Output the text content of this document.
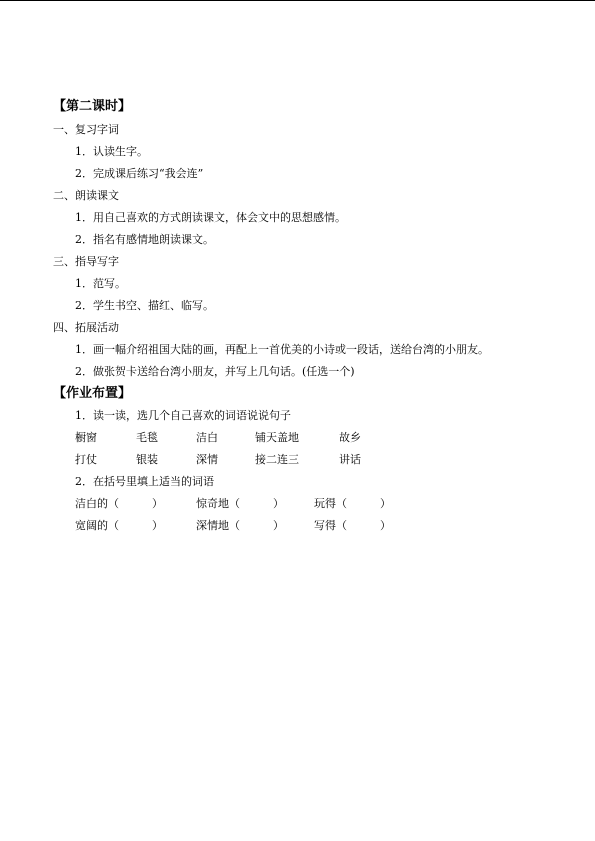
【第二课时】
一、复习字词
1．认读生字。
2．完成课后练习“我会连”
二、朗读课文
1．用自己喜欢的方式朗读课文，体会文中的思想感情。
2．指名有感情地朗读课文。
三、指导写字
1．范写。
2．学生书空、描红、临写。
四、拓展活动
1．画一幅介绍祖国大陆的画，再配上一首优美的小诗或一段话，送给台湾的小朋友。
2．做张贺卡送给台湾小朋友，并写上几句话。(任选一个)
【作业布置】
1．读一读，选几个自己喜欢的词语说说句子
橱窗	毛毯	洁白	铺天盖地	故乡
打仗	银装	深情	接二连三	讲话
2．在括号里填上适当的词语
洁白的（　　　）	惊奇地（　　　）	玩得（　　　）
宽阔的（　　　）	深情地（　　　）	写得（　　　）
